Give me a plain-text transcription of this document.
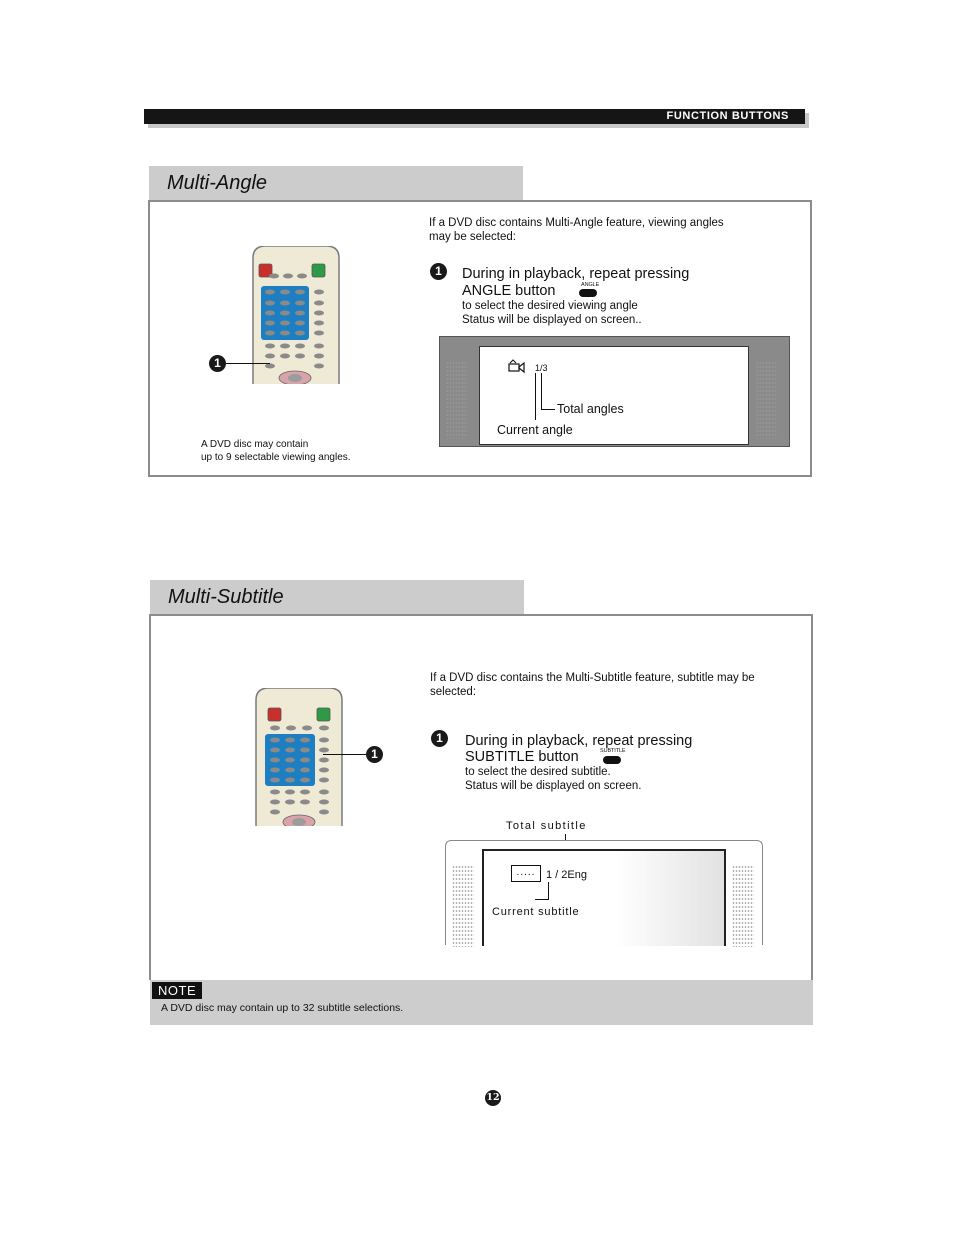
FUNCTION BUTTONS
Multi-Angle
1
If a DVD disc contains Multi-Angle feature, viewing angles
may be selected:
1	During in playback, repeat pressing
ANGLE button	ANGLE
to select the desired viewing angle
Status will be displayed on screen..
1/3
Total angles
Current angle
A DVD disc may contain
up to 9 selectable viewing angles.
Multi-Subtitle
1
If a DVD disc contains the Multi-Subtitle feature, subtitle may be
selected:
1	During in playback, repeat pressing
SUBTITLE button	SUBTITLE
to select the desired subtitle.
Status will be displayed on screen.
Total subtitle
..... 1 / 2Eng
Current subtitle
NOTE
A DVD disc may contain up to 32 subtitle selections.
12
